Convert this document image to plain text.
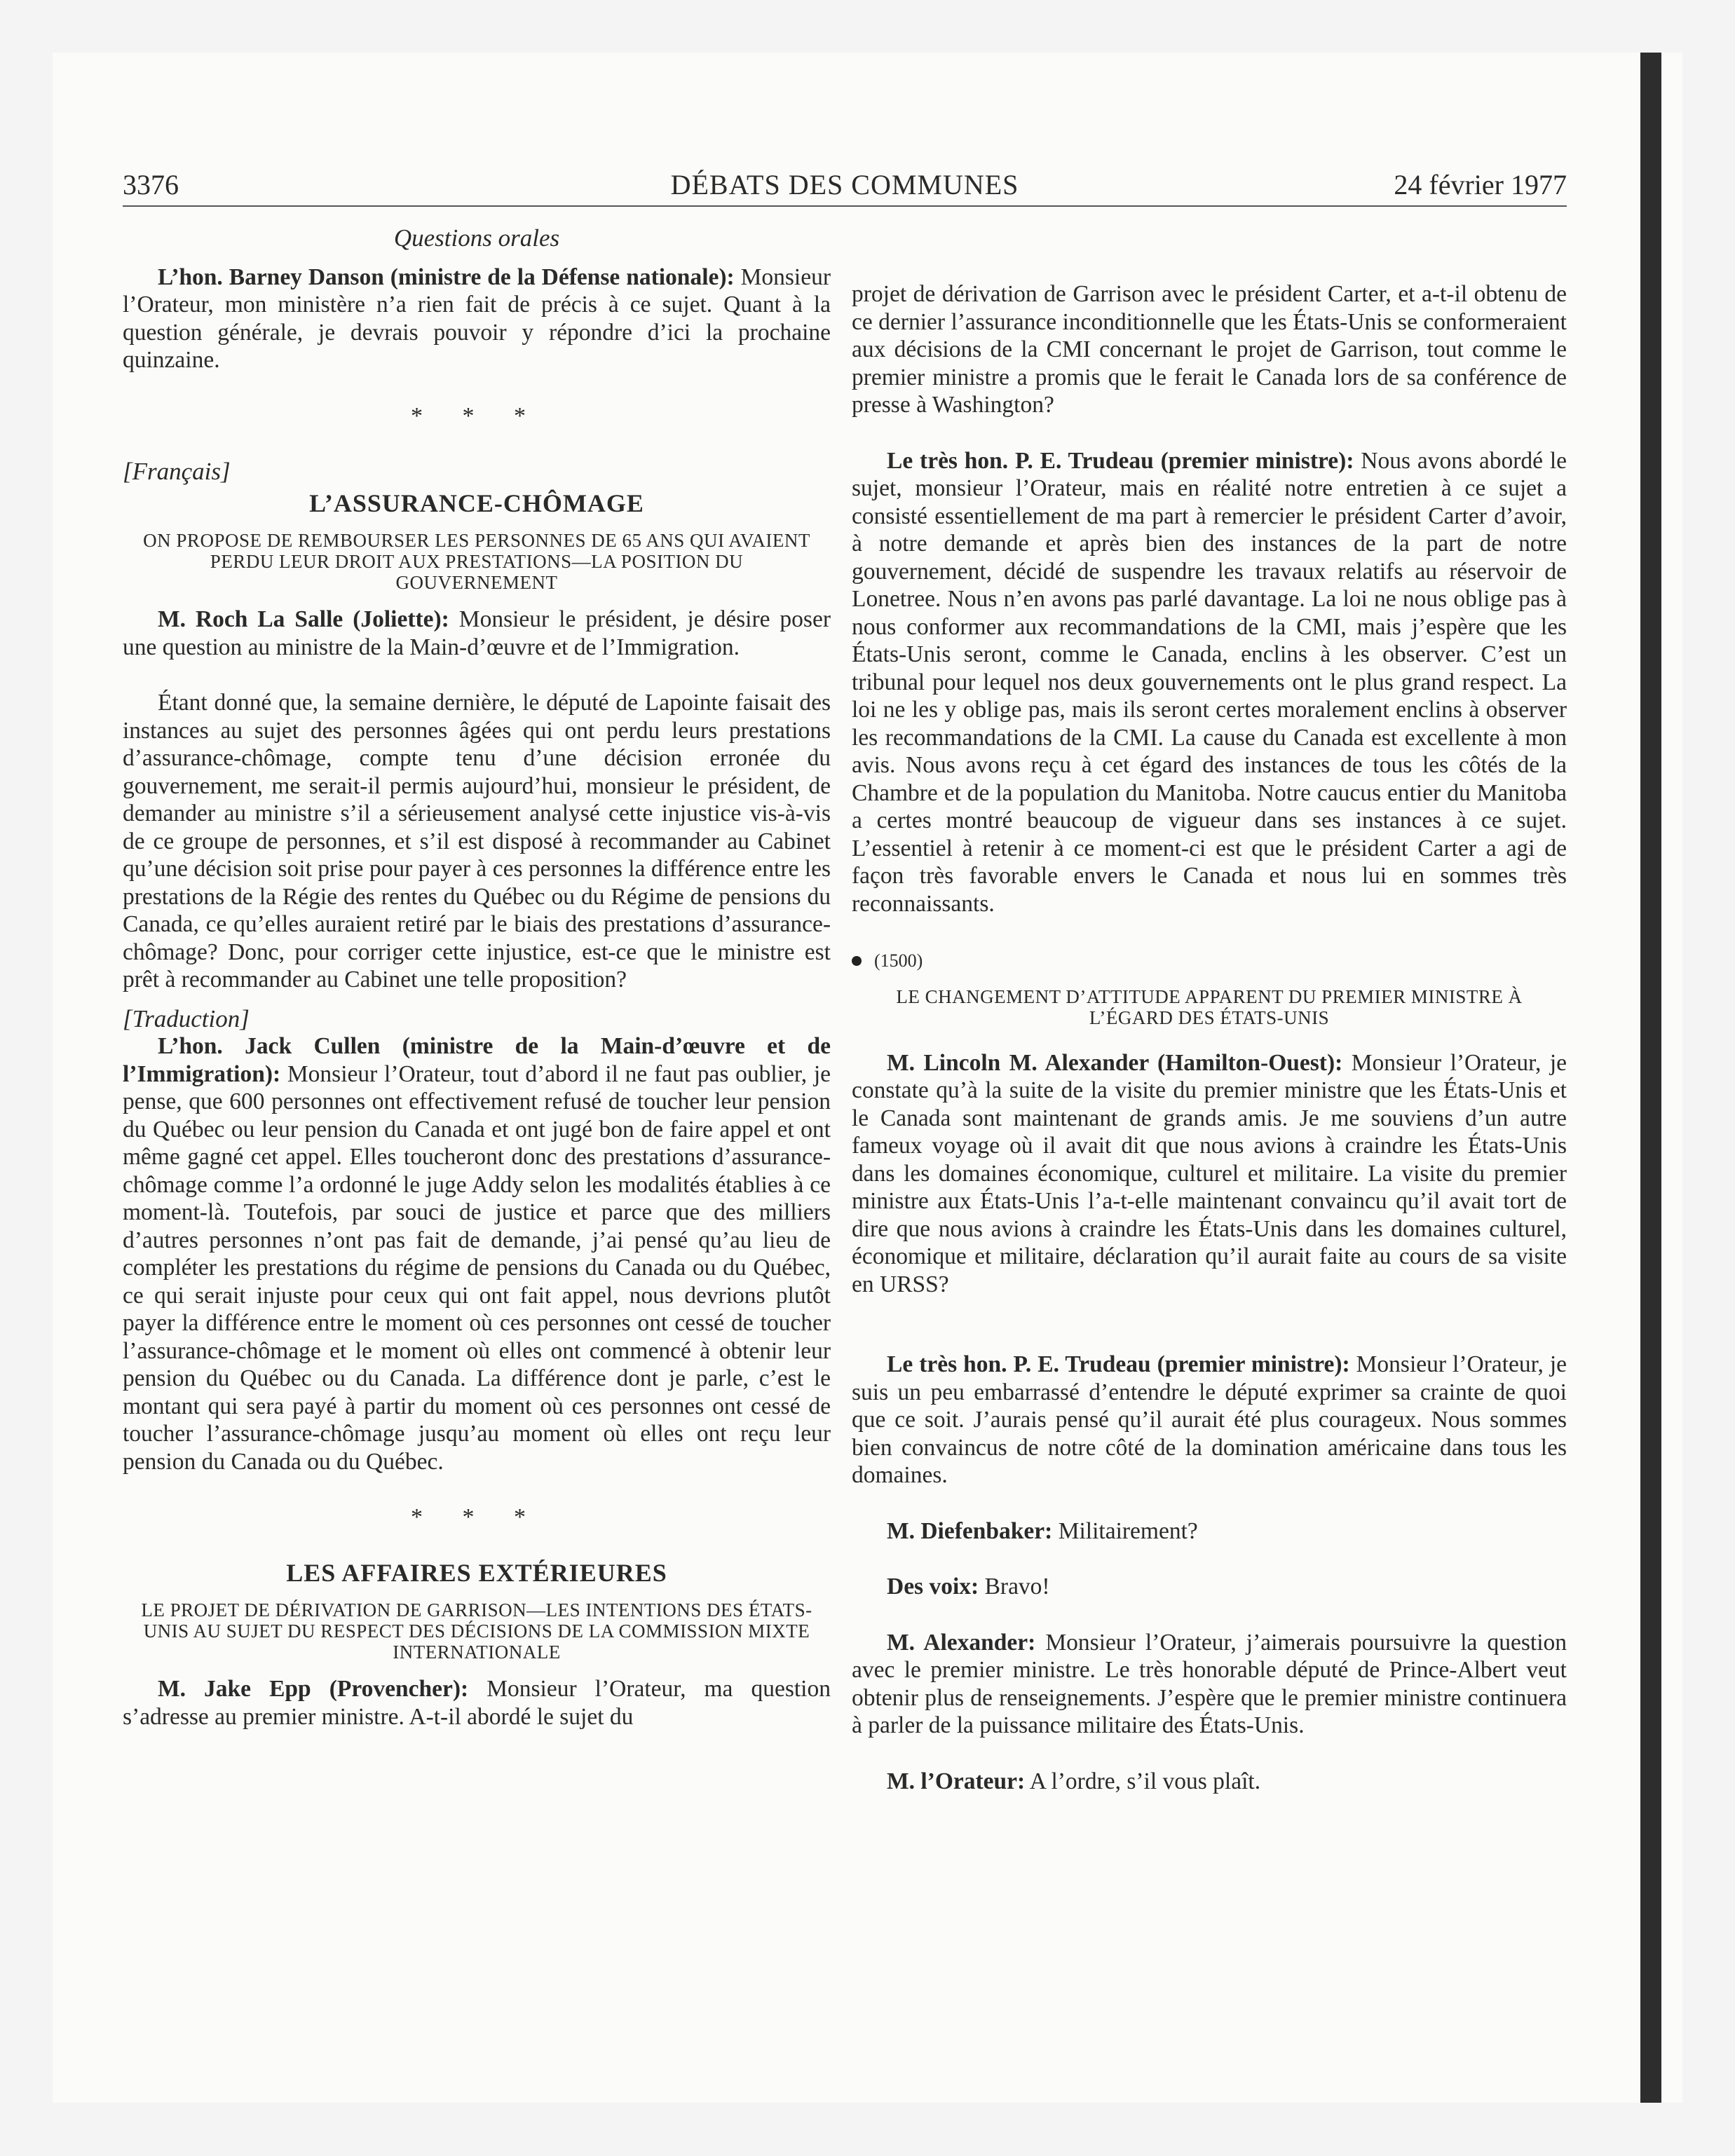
3376	DÉBATS DES COMMUNES	24 février 1977
Questions orales

L’hon. Barney Danson (ministre de la Défense nationale): Monsieur l’Orateur, mon ministère n’a rien fait de précis à ce sujet. Quant à la question générale, je devrais pouvoir y répondre d’ici la prochaine quinzaine.

* * *
[Français]
L’ASSURANCE-CHÔMAGE
ON PROPOSE DE REMBOURSER LES PERSONNES DE 65 ANS QUI AVAIENT PERDU LEUR DROIT AUX PRESTATIONS—LA POSITION DU GOUVERNEMENT

M. Roch La Salle (Joliette): Monsieur le président, je désire poser une question au ministre de la Main-d’œuvre et de l’Immigration.

Étant donné que, la semaine dernière, le député de Lapointe faisait des instances au sujet des personnes âgées qui ont perdu leurs prestations d’assurance-chômage, compte tenu d’une décision erronée du gouvernement, me serait-il permis aujourd’hui, monsieur le président, de demander au ministre s’il a sérieusement analysé cette injustice vis-à-vis de ce groupe de personnes, et s’il est disposé à recommander au Cabinet qu’une décision soit prise pour payer à ces personnes la différence entre les prestations de la Régie des rentes du Québec ou du Régime de pensions du Canada, ce qu’elles auraient retiré par le biais des prestations d’assurance-chômage? Donc, pour corriger cette injustice, est-ce que le ministre est prêt à recommander au Cabinet une telle proposition?

[Traduction]

L’hon. Jack Cullen (ministre de la Main-d’œuvre et de l’Immigration): Monsieur l’Orateur, tout d’abord il ne faut pas oublier, je pense, que 600 personnes ont effectivement refusé de toucher leur pension du Québec ou leur pension du Canada et ont jugé bon de faire appel et ont même gagné cet appel. Elles toucheront donc des prestations d’assurance-chômage comme l’a ordonné le juge Addy selon les modalités établies à ce moment-là. Toutefois, par souci de justice et parce que des milliers d’autres personnes n’ont pas fait de demande, j’ai pensé qu’au lieu de compléter les prestations du régime de pensions du Canada ou du Québec, ce qui serait injuste pour ceux qui ont fait appel, nous devrions plutôt payer la différence entre le moment où ces personnes ont cessé de toucher l’assurance-chômage et le moment où elles ont commencé à obtenir leur pension du Québec ou du Canada. La différence dont je parle, c’est le montant qui sera payé à partir du moment où ces personnes ont cessé de toucher l’assurance-chômage jusqu’au moment où elles ont reçu leur pension du Canada ou du Québec.

* * *
LES AFFAIRES EXTÉRIEURES
LE PROJET DE DÉRIVATION DE GARRISON—LES INTENTIONS DES ÉTATS-UNIS AU SUJET DU RESPECT DES DÉCISIONS DE LA COMMISSION MIXTE INTERNATIONALE

M. Jake Epp (Provencher): Monsieur l’Orateur, ma question s’adresse au premier ministre. A-t-il abordé le sujet du

projet de dérivation de Garrison avec le président Carter, et a-t-il obtenu de ce dernier l’assurance inconditionnelle que les États-Unis se conformeraient aux décisions de la CMI concernant le projet de Garrison, tout comme le premier ministre a promis que le ferait le Canada lors de sa conférence de presse à Washington?

Le très hon. P. E. Trudeau (premier ministre): Nous avons abordé le sujet, monsieur l’Orateur, mais en réalité notre entretien à ce sujet a consisté essentiellement de ma part à remercier le président Carter d’avoir, à notre demande et après bien des instances de la part de notre gouvernement, décidé de suspendre les travaux relatifs au réservoir de Lonetree. Nous n’en avons pas parlé davantage. La loi ne nous oblige pas à nous conformer aux recommandations de la CMI, mais j’espère que les États-Unis seront, comme le Canada, enclins à les observer. C’est un tribunal pour lequel nos deux gouvernements ont le plus grand respect. La loi ne les y oblige pas, mais ils seront certes moralement enclins à observer les recommandations de la CMI. La cause du Canada est excellente à mon avis. Nous avons reçu à cet égard des instances de tous les côtés de la Chambre et de la population du Manitoba. Notre caucus entier du Manitoba a certes montré beaucoup de vigueur dans ses instances à ce sujet. L’essentiel à retenir à ce moment-ci est que le président Carter a agi de façon très favorable envers le Canada et nous lui en sommes très reconnaissants.

(1500)
LE CHANGEMENT D’ATTITUDE APPARENT DU PREMIER MINISTRE À L’ÉGARD DES ÉTATS-UNIS

M. Lincoln M. Alexander (Hamilton-Ouest): Monsieur l’Orateur, je constate qu’à la suite de la visite du premier ministre que les États-Unis et le Canada sont maintenant de grands amis. Je me souviens d’un autre fameux voyage où il avait dit que nous avions à craindre les États-Unis dans les domaines économique, culturel et militaire. La visite du premier ministre aux États-Unis l’a-t-elle maintenant convaincu qu’il avait tort de dire que nous avions à craindre les États-Unis dans les domaines culturel, économique et militaire, déclaration qu’il aurait faite au cours de sa visite en URSS?

Le très hon. P. E. Trudeau (premier ministre): Monsieur l’Orateur, je suis un peu embarrassé d’entendre le député exprimer sa crainte de quoi que ce soit. J’aurais pensé qu’il aurait été plus courageux. Nous sommes bien convaincus de notre côté de la domination américaine dans tous les domaines.

M. Diefenbaker: Militairement?

Des voix: Bravo!

M. Alexander: Monsieur l’Orateur, j’aimerais poursuivre la question avec le premier ministre. Le très honorable député de Prince-Albert veut obtenir plus de renseignements. J’espère que le premier ministre continuera à parler de la puissance militaire des États-Unis.

M. l’Orateur: A l’ordre, s’il vous plaît.
